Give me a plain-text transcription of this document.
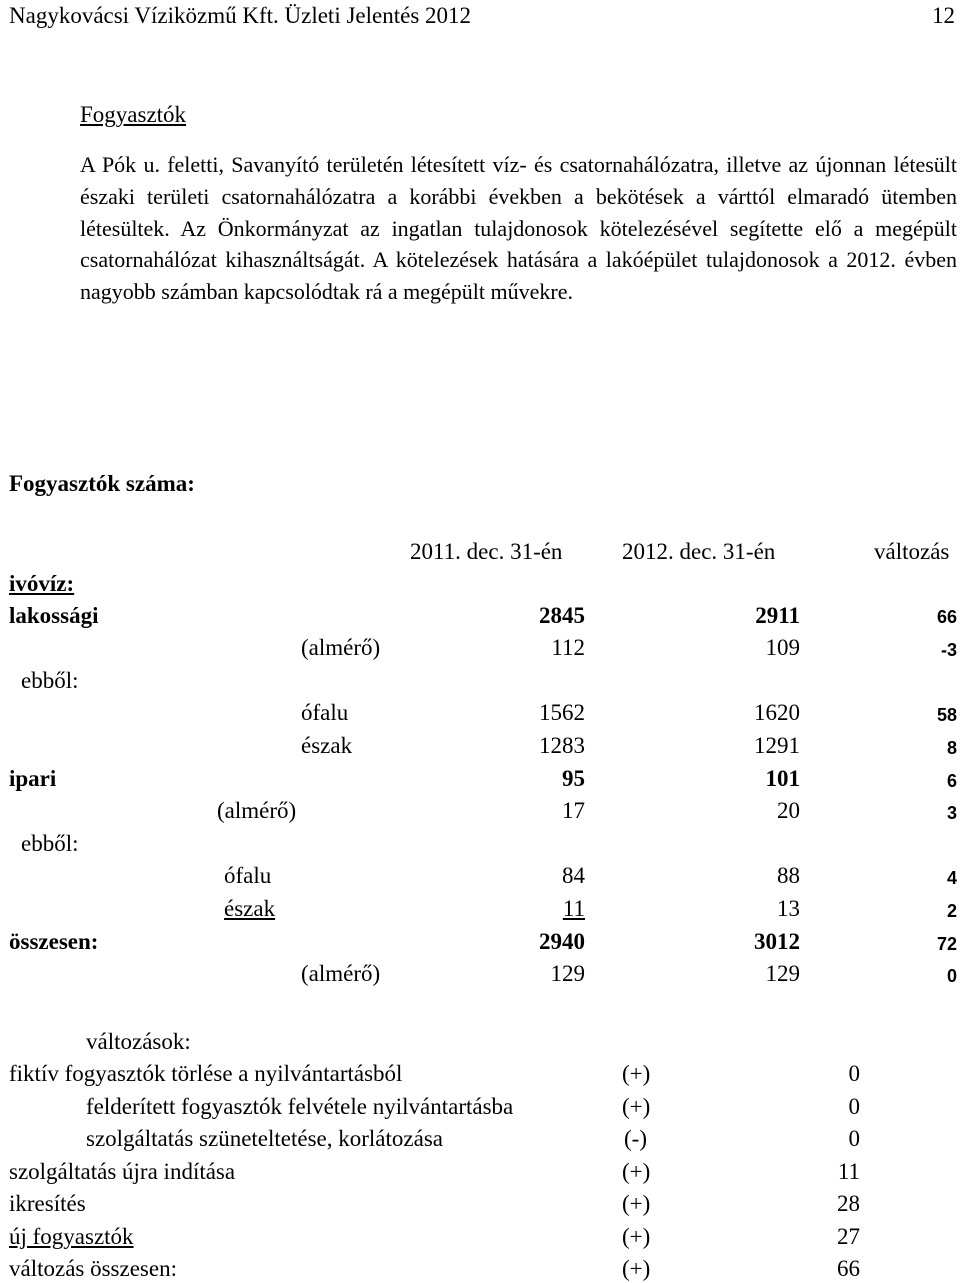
Nagykovácsi Víziközmű Kft. Üzleti Jelentés 2012	12
Fogyasztók

A Pók u. feletti, Savanyító területén létesített víz- és csatornahálózatra, illetve az újonnan létesült északi területi csatornahálózatra a korábbi években a bekötések a várttól elmaradó ütemben létesültek. Az Önkormányzat az ingatlan tulajdonosok kötelezésével segítette elő a megépült csatornahálózat kihasználtságát. A kötelezések hatására a lakóépület tulajdonosok a 2012. évben nagyobb számban kapcsolódtak rá a megépült művekre.

Fogyasztók száma:
2011. dec. 31-én	2012. dec. 31-én	változás
ivóvíz:
lakossági	2845	2911	66
(almérő)	112	109	-3
ebből:
ófalu	1562	1620	58
észak	1283	1291	8
ipari	95	101	6
(almérő)	17	20	3
ebből:
ófalu	84	88	4
észak	11	13	2
összesen:	2940	3012	72
(almérő)	129	129	0
változások:
fiktív fogyasztók törlése a nyilvántartásból	(+)	0
felderített fogyasztók felvétele nyilvántartásba	(+)	0
szolgáltatás szüneteltetése, korlátozása	(-)	0
szolgáltatás újra indítása	(+)	11
ikresítés	(+)	28
új fogyasztók	(+)	27
változás összesen:	(+)	66
